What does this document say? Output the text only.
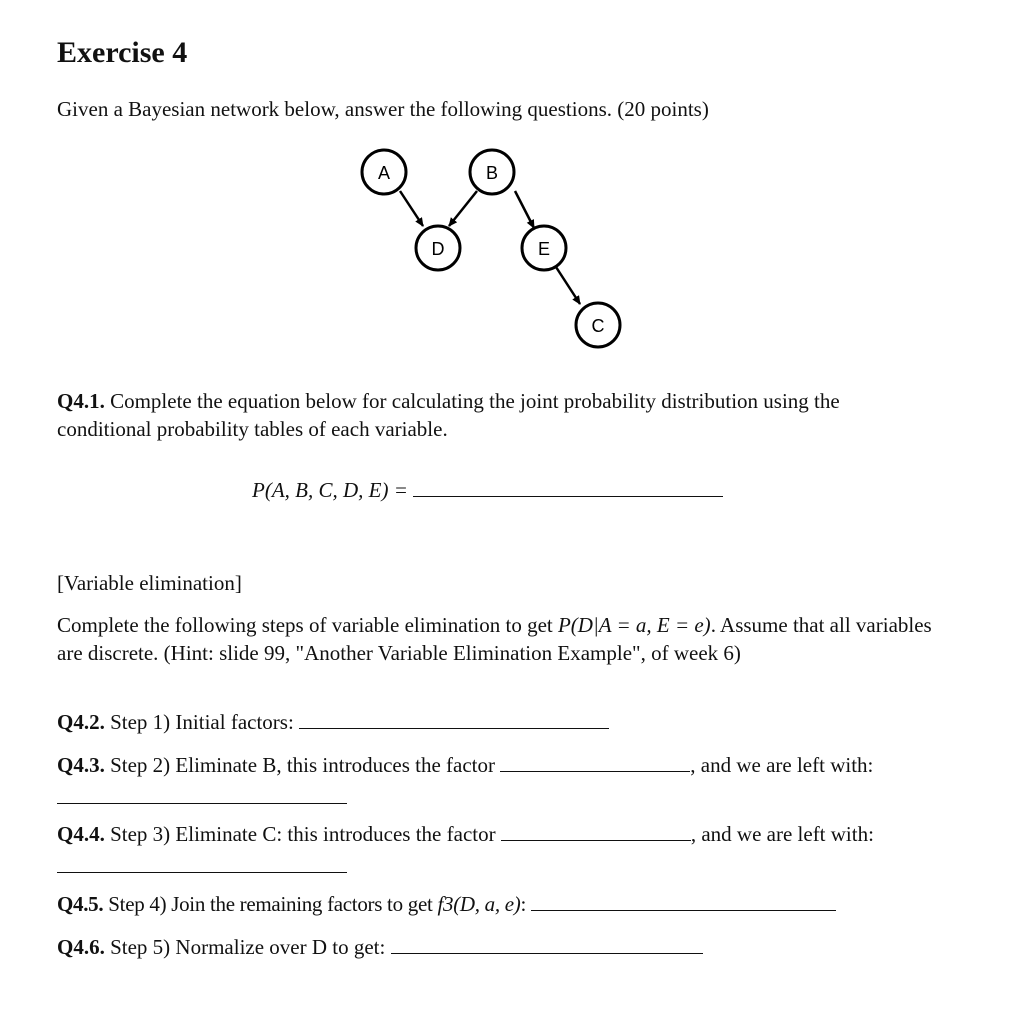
Exercise 4
Given a Bayesian network below, answer the following questions. (20 points)
A	B
D	E
C
Q4.1. Complete the equation below for calculating the joint probability distribution using the conditional probability tables of each variable.
P(A, B, C, D, E) =
[Variable elimination]
Complete the following steps of variable elimination to get P(D|A = a, E = e). Assume that all variables are discrete. (Hint: slide 99, "Another Variable Elimination Example", of week 6)
Q4.2. Step 1) Initial factors:
Q4.3. Step 2) Eliminate B, this introduces the factor	, and we are left with:
Q4.4. Step 3) Eliminate C: this introduces the factor	, and we are left with:
Q4.5. Step 4) Join the remaining factors to get f3(D, a, e):
Q4.6. Step 5) Normalize over D to get:
